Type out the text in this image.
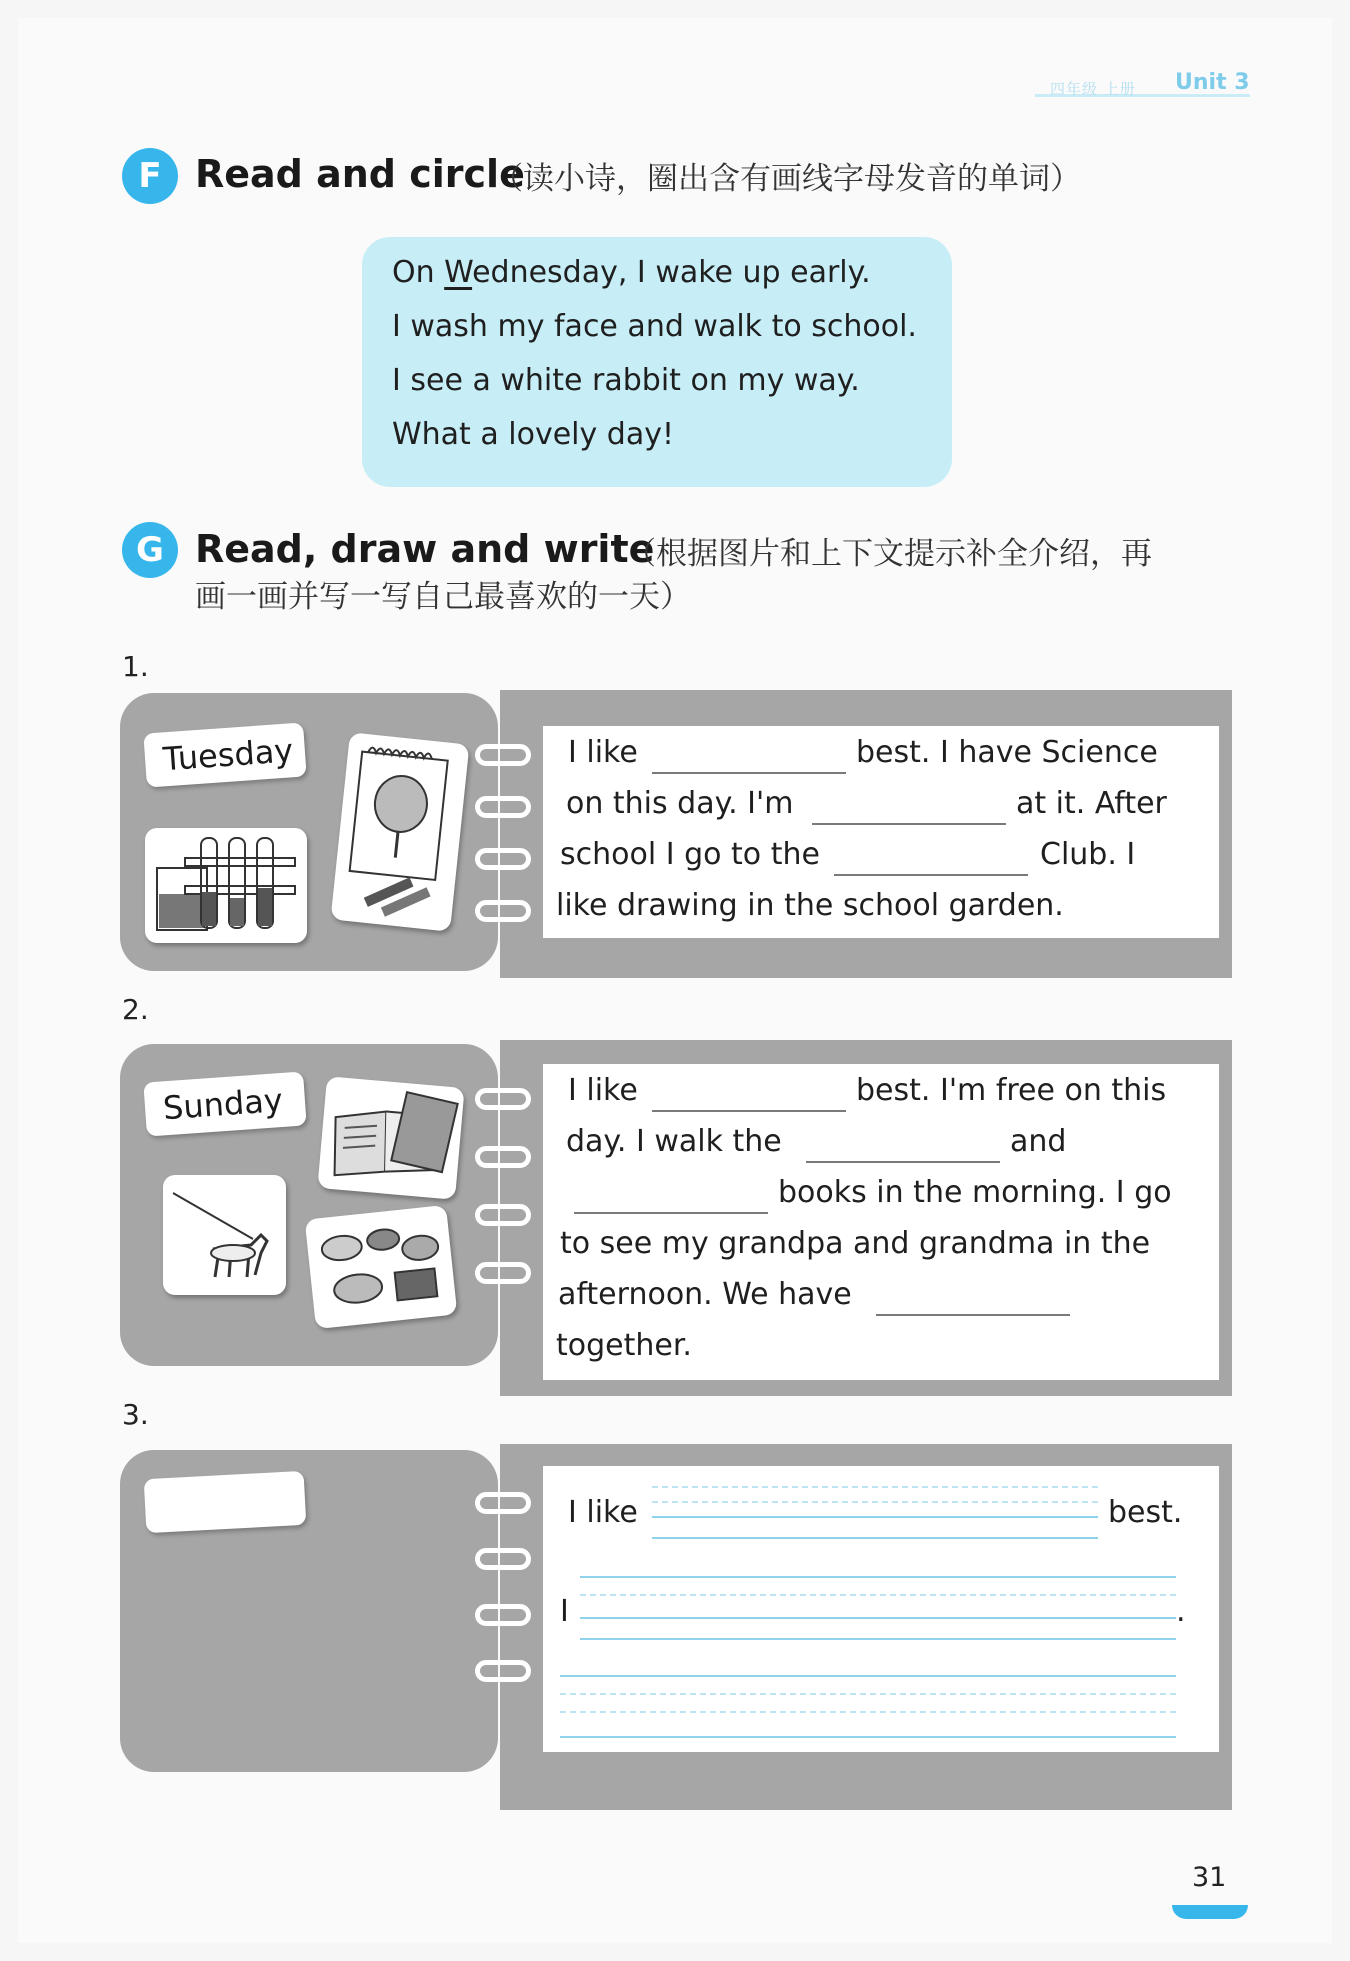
四年级 上册 Unit 3
F Read and circle
（读小诗，圈出含有画线字母发音的单词）
On Wednesday, I wake up early.
I wash my face and walk to school.
I see a white rabbit on my way.
What a lovely day!
G Read, draw and write
（根据图片和上下文提示补全介绍，再
画一画并写一写自己最喜欢的一天）
1.
Tuesday	I like	best. I have Science
on this day. I'm	at it. After
school I go to the	Club. I
like drawing in the school garden.
2.
Sunday	I like	best. I'm free on this
day. I walk the	and
books in the morning. I go
to see my grandpa and grandma in the
afternoon. We have
together.
3.
I like	best.
I	.
31
